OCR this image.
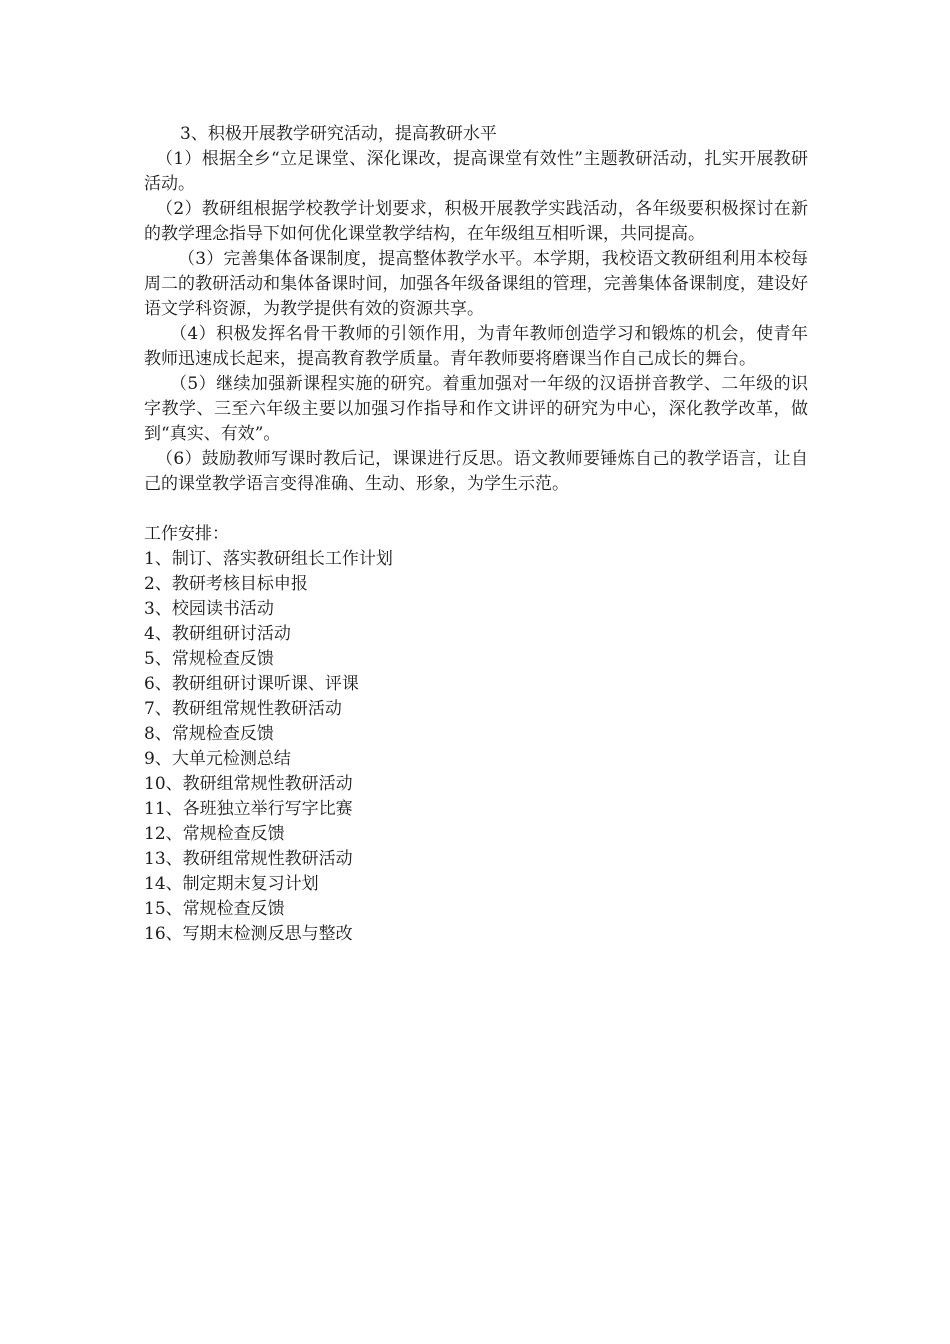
3、积极开展教学研究活动，提高教研水平

（1）根据全乡“立足课堂、深化课改，提高课堂有效性”主题教研活动，扎实开展教研活动。

（2）教研组根据学校教学计划要求，积极开展教学实践活动，各年级要积极探讨在新的教学理念指导下如何优化课堂教学结构，在年级组互相听课，共同提高。

（3）完善集体备课制度，提高整体教学水平。本学期，我校语文教研组利用本校每周二的教研活动和集体备课时间，加强各年级备课组的管理，完善集体备课制度，建设好语文学科资源，为教学提供有效的资源共享。

（4）积极发挥名骨干教师的引领作用，为青年教师创造学习和锻炼的机会，使青年教师迅速成长起来，提高教育教学质量。青年教师要将磨课当作自己成长的舞台。

（5）继续加强新课程实施的研究。着重加强对一年级的汉语拼音教学、二年级的识字教学、三至六年级主要以加强习作指导和作文讲评的研究为中心，深化教学改革，做到“真实、有效”。

（6）鼓励教师写课时教后记，课课进行反思。语文教师要锤炼自己的教学语言，让自己的课堂教学语言变得准确、生动、形象，为学生示范。

工作安排：

1、制订、落实教研组长工作计划
2、教研考核目标申报
3、校园读书活动
4、教研组研讨活动
5、常规检查反馈
6、教研组研讨课听课、评课
7、教研组常规性教研活动
8、常规检查反馈
9、大单元检测总结
10、教研组常规性教研活动
11、各班独立举行写字比赛
12、常规检查反馈
13、教研组常规性教研活动
14、制定期末复习计划
15、常规检查反馈
16、写期末检测反思与整改
